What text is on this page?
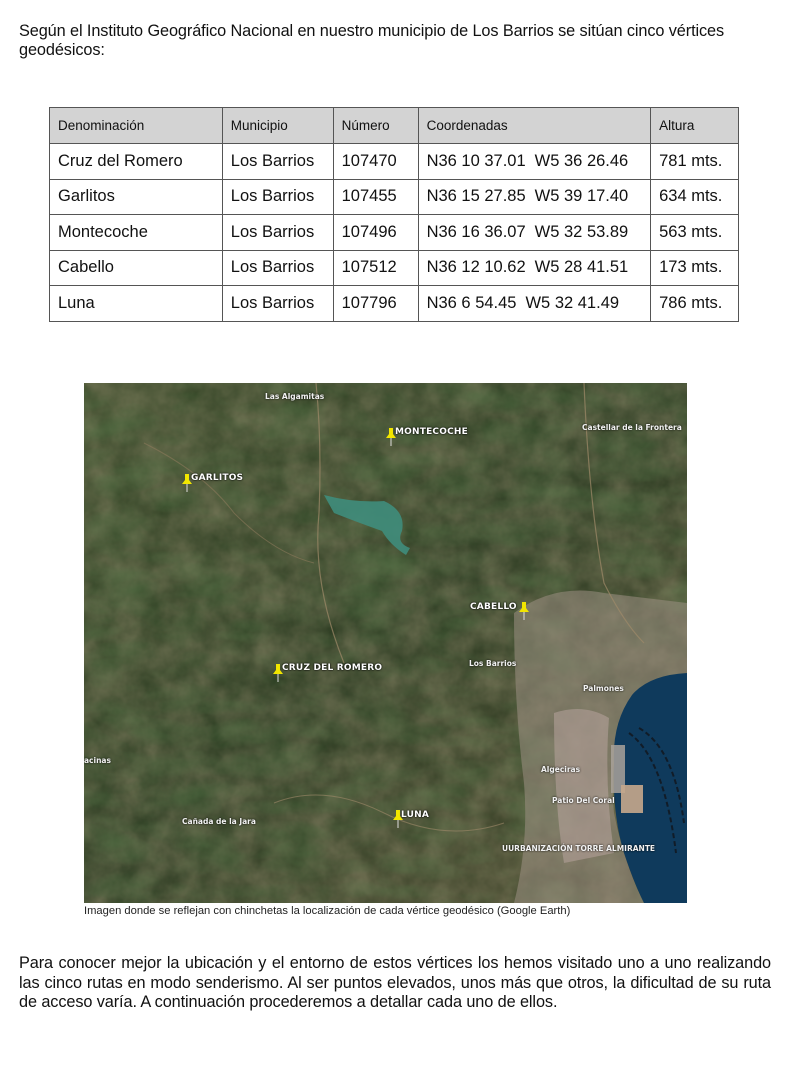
Según el Instituto Geográfico Nacional en nuestro municipio de Los Barrios se sitúan cinco vértices geodésicos:

Denominación	Municipio	Número	Coordenadas	Altura
Cruz del Romero	Los Barrios	107470	N36 10 37.01 W5 36 26.46	781 mts.
Garlitos	Los Barrios	107455	N36 15 27.85 W5 39 17.40	634 mts.
Montecoche	Los Barrios	107496	N36 16 36.07 W5 32 53.89	563 mts.
Cabello	Los Barrios	107512	N36 12 10.62 W5 28 41.51	173 mts.
Luna	Los Barrios	107796	N36 6 54.45 W5 32 41.49	786 mts.
Las Algamitas
Castellar de la Frontera
Los Barrios
Palmones
Algeciras
Patio Del Coral
UURBANIZACIÓN TORRE ALMIRANTE
Cañada de la Jara
acinas
GARLITOS
MONTECOCHE
CABELLO
CRUZ DEL ROMERO
LUNA
Imagen donde se reflejan con chinchetas la localización de cada vértice geodésico (Google Earth)

Para conocer mejor la ubicación y el entorno de estos vértices los hemos visitado uno a uno realizando las cinco rutas en modo senderismo. Al ser puntos elevados, unos más que otros, la dificultad de su ruta de acceso varía. A continuación procederemos a detallar cada uno de ellos.
